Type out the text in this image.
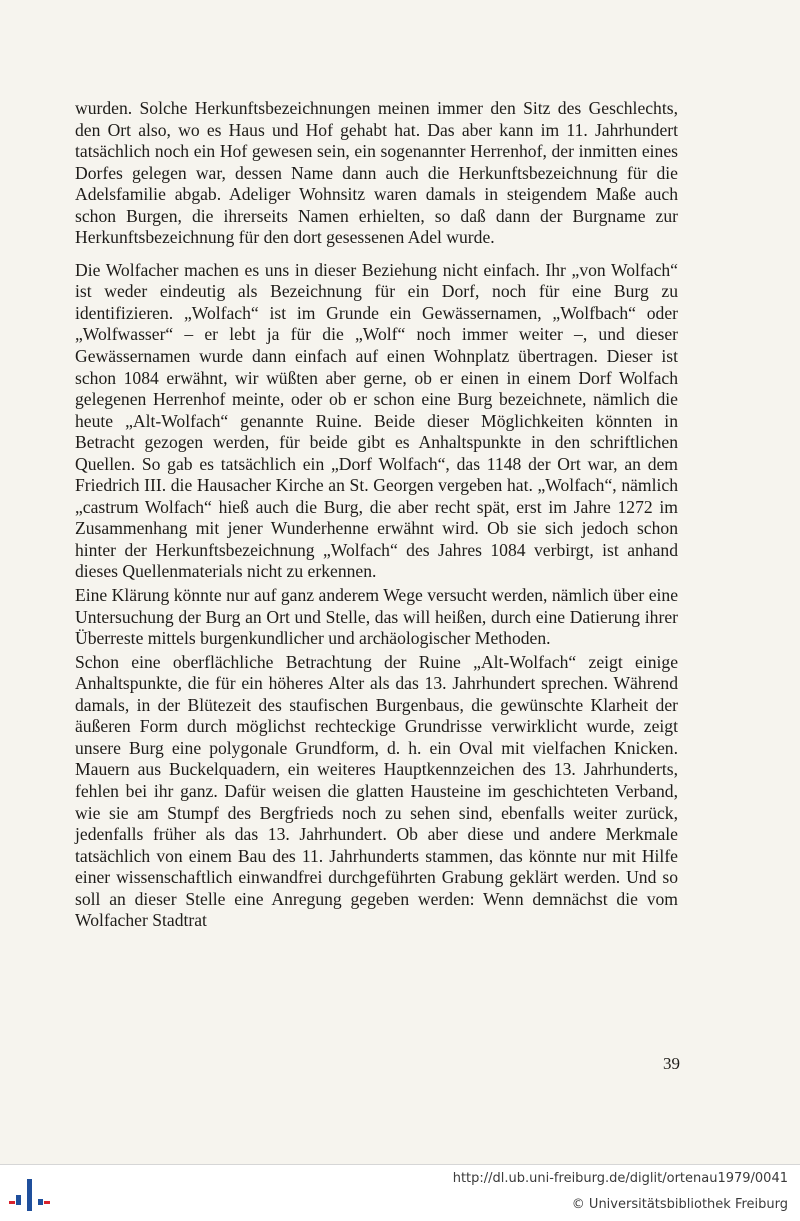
wurden. Solche Herkunftsbezeichnungen meinen immer den Sitz des Geschlechts, den Ort also, wo es Haus und Hof gehabt hat. Das aber kann im 11. Jahrhundert tatsächlich noch ein Hof gewesen sein, ein sogenannter Herrenhof, der inmitten eines Dorfes gelegen war, dessen Name dann auch die Herkunftsbezeichnung für die Adelsfamilie abgab. Adeliger Wohnsitz waren damals in steigendem Maße auch schon Burgen, die ihrerseits Namen erhielten, so daß dann der Burgname zur Herkunftsbezeichnung für den dort gesessenen Adel wurde.

Die Wolfacher machen es uns in dieser Beziehung nicht einfach. Ihr „von Wolfach“ ist weder eindeutig als Bezeichnung für ein Dorf, noch für eine Burg zu identifizieren. „Wolfach“ ist im Grunde ein Gewässernamen, „Wolfbach“ oder „Wolfwasser“ – er lebt ja für die „Wolf“ noch immer weiter –, und dieser Gewässernamen wurde dann einfach auf einen Wohnplatz übertragen. Dieser ist schon 1084 erwähnt, wir wüßten aber gerne, ob er einen in einem Dorf Wolfach gelegenen Herrenhof meinte, oder ob er schon eine Burg bezeichnete, nämlich die heute „Alt-Wolfach“ genannte Ruine. Beide dieser Möglichkeiten könnten in Betracht gezogen werden, für beide gibt es Anhaltspunkte in den schriftlichen Quellen. So gab es tatsächlich ein „Dorf Wolfach“, das 1148 der Ort war, an dem Friedrich III. die Hausacher Kirche an St. Georgen vergeben hat. „Wolfach“, nämlich „castrum Wolfach“ hieß auch die Burg, die aber recht spät, erst im Jahre 1272 im Zusammenhang mit jener Wunderhenne erwähnt wird. Ob sie sich jedoch schon hinter der Herkunftsbezeichnung „Wolfach“ des Jahres 1084 verbirgt, ist anhand dieses Quellenmaterials nicht zu erkennen.

Eine Klärung könnte nur auf ganz anderem Wege versucht werden, nämlich über eine Untersuchung der Burg an Ort und Stelle, das will heißen, durch eine Datierung ihrer Überreste mittels burgenkundlicher und archäologischer Methoden.

Schon eine oberflächliche Betrachtung der Ruine „Alt-Wolfach“ zeigt einige Anhaltspunkte, die für ein höheres Alter als das 13. Jahrhundert sprechen. Während damals, in der Blütezeit des staufischen Burgenbaus, die gewünschte Klarheit der äußeren Form durch möglichst rechteckige Grundrisse verwirklicht wurde, zeigt unsere Burg eine polygonale Grundform, d. h. ein Oval mit vielfachen Knicken. Mauern aus Buckelquadern, ein weiteres Hauptkennzeichen des 13. Jahrhunderts, fehlen bei ihr ganz. Dafür weisen die glatten Hausteine im geschichteten Verband, wie sie am Stumpf des Bergfrieds noch zu sehen sind, ebenfalls weiter zurück, jedenfalls früher als das 13. Jahrhundert. Ob aber diese und andere Merkmale tatsächlich von einem Bau des 11. Jahrhunderts stammen, das könnte nur mit Hilfe einer wissenschaftlich einwandfrei durchgeführten Grabung geklärt werden. Und so soll an dieser Stelle eine Anregung gegeben werden: Wenn demnächst die vom Wolfacher Stadtrat

39
http://dl.ub.uni-freiburg.de/diglit/ortenau1979/0041
© Universitätsbibliothek Freiburg
